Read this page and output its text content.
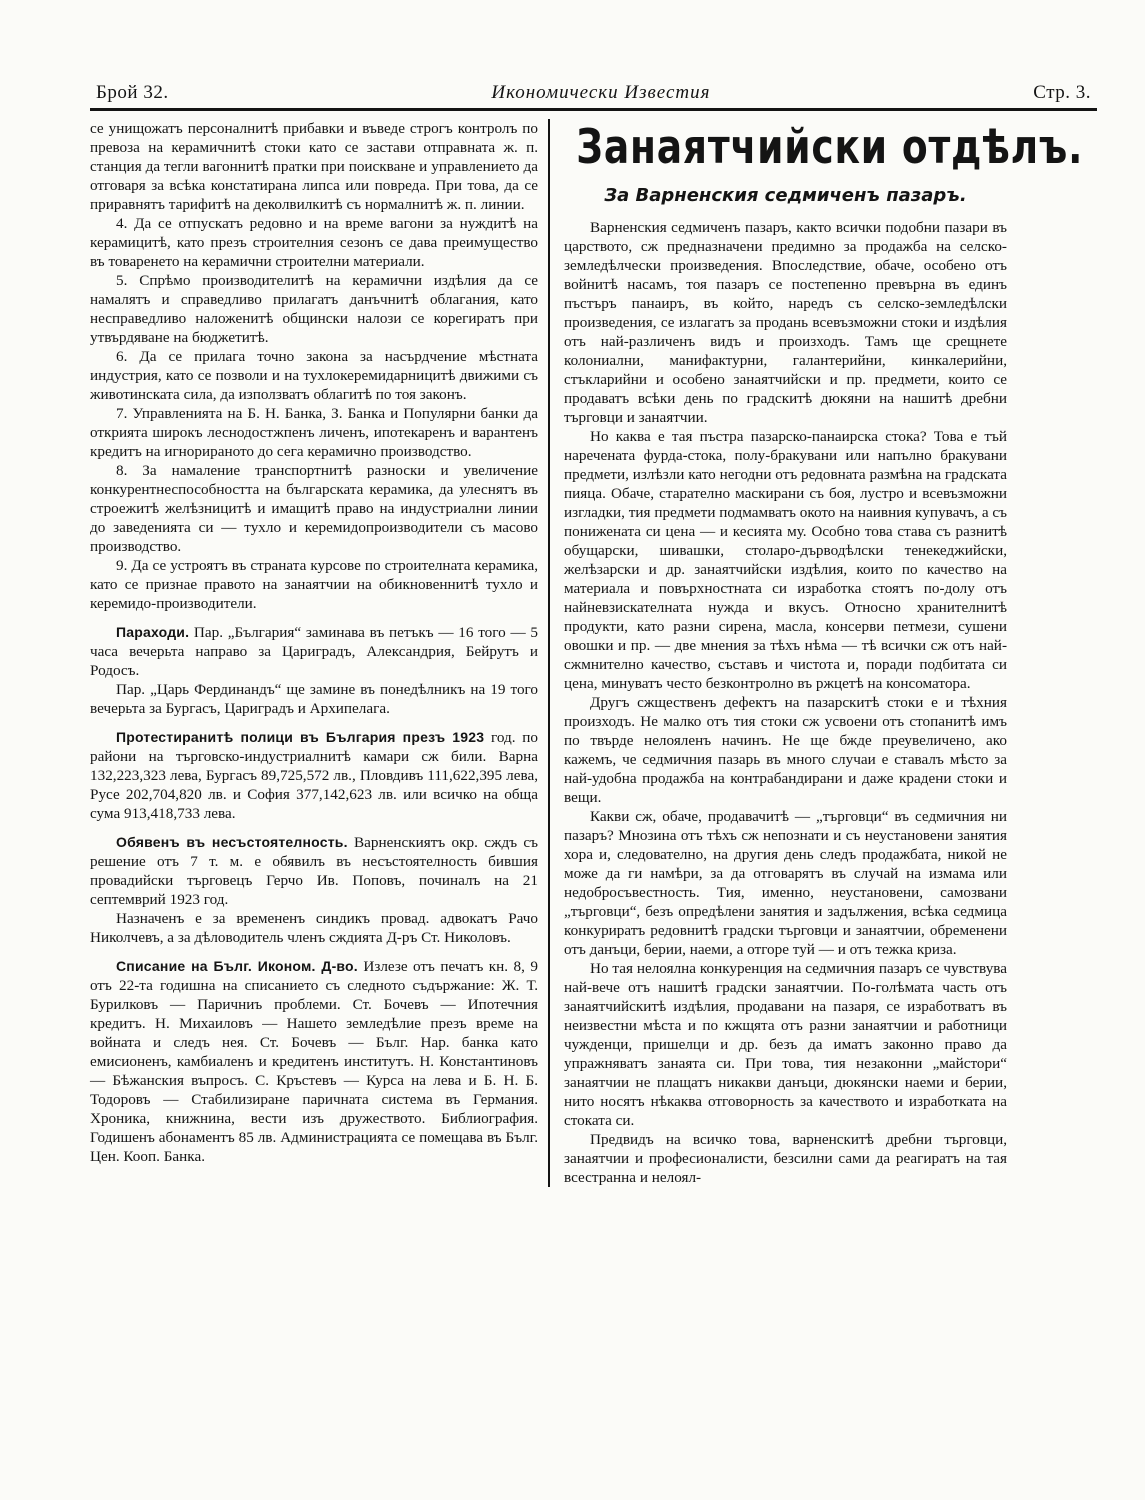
Брой 32.	Икономически Известия	Стр. 3.

се унищожатъ персоналнитѣ прибавки и въведе строгъ контролъ по превоза на керамичнитѣ стоки като се застави отправната ж. п. станция да тегли вагоннитѣ пратки при поискване и управлението да отговаря за всѣка констатирана липса или повреда. При това, да се приравнятъ тарифитѣ на деколвилкитѣ съ нормалнитѣ ж. п. линии.

4. Да се отпускатъ редовно и на време вагони за нуждитѣ на керамицитѣ, като презъ строителния сезонъ се дава преимущество въ товаренето на керамични строителни материали.

5. Спрѣмо производителитѣ на керамични издѣлия да се намалятъ и справедливо прилагатъ данъчнитѣ облагания, като несправедливо наложенитѣ общински налози се корегиратъ при утвърдяване на бюджетитѣ.

6. Да се прилага точно закона за насърдчение мѣстната индустрия, като се позволи и на тухлокеремидарницитѣ движими съ животинската сила, да използватъ облагитѣ по тоя законъ.

7. Управленията на Б. Н. Банка, З. Банка и Популярни банки да открията широкъ леснодостжпенъ личенъ, ипотекаренъ и варантенъ кредитъ на игнорираното до сега керамично производство.

8. За намаление транспортнитѣ разноски и увеличение конкурентнеспособността на българската керамика, да улеснятъ въ строежитѣ желѣзницитѣ и имащитѣ право на индустриални линии до заведенията си — тухло и керемидопроизводители съ масово производство.

9. Да се устроятъ въ страната курсове по строителната керамика, като се признае правото на занаятчии на обикновеннитѣ тухло и керемидо-производители.

Параходи. Пар. „България“ заминава въ петъкъ — 16 того — 5 часа вечерьта направо за Цариградъ, Александрия, Бейрутъ и Родосъ.

Пар. „Царь Фердинандъ“ ще замине въ понедѣлникъ на 19 того вечерьта за Бургасъ, Цариградъ и Архипелага.

Протестиранитѣ полици въ България презъ 1923 год. по райони на търговско-индустриалнитѣ камари сж били. Варна 132,223,323 лева, Бургасъ 89,725,572 лв., Пловдивъ 111,622,395 лева, Русе 202,704,820 лв. и София 377,142,623 лв. или всичко на обща сума 913,418,733 лева.

Обявенъ въ несъстоятелность. Варненскиятъ окр. сждъ съ решение отъ 7 т. м. е обявилъ въ несъстоятелность бившия провадийски търговецъ Герчо Ив. Поповъ, починалъ на 21 септемврий 1923 год.

Назначенъ е за времененъ синдикъ провад. адвокатъ Рачо Николчевъ, а за дѣловодитель членъ сждията Д-ръ Ст. Николовъ.

Списание на Бълг. Иконом. Д-во. Излезе отъ печатъ кн. 8, 9 отъ 22-та годишна на списанието съ следното съдържание: Ж. Т. Бурилковъ — Паричниъ проблеми. Ст. Бочевъ — Ипотечния кредитъ. Н. Михаиловъ — Нашето земледѣлие презъ време на войната и следъ нея. Ст. Бочевъ — Бълг. Нар. банка като емисионенъ, камбиаленъ и кредитенъ институтъ. Н. Константиновъ — Бѣжанския въпросъ. С. Кръстевъ — Курса на лева и Б. Н. Б. Тодоровъ — Стабилизиране паричната система въ Германия. Хроника, книжнина, вести изъ дружеството. Библиография. Годишенъ абонаментъ 85 лв. Администрацията се помещава въ Бълг. Цен. Кооп. Банка.

Занаятчийски отдѣлъ.
За Варненския седмиченъ пазаръ.

Варненския седмиченъ пазаръ, както всички подобни пазари въ царството, сж предназначени предимно за продажба на селско-земледѣлчески произведения. Впоследствие, обаче, особено отъ войнитѣ насамъ, тоя пазаръ се постепенно превърна въ единъ пъстъръ панаиръ, въ който, наредъ съ селско-земледѣлски произведения, се излагатъ за продань всевъзможни стоки и издѣлия отъ най-различенъ видъ и произходъ. Тамъ ще срещнете колониални, манифактурни, галантерийни, кинкалерийни, стъкларийни и особено занаятчийски и пр. предмети, които се продаватъ всѣки день по градскитѣ дюкяни на нашитѣ дребни търговци и занаятчии.

Но каква е тая пъстра пазарско-панаирска стока? Това е тъй наречената фурда-стока, полу-бракувани или напълно бракувани предмети, излѣзли като негодни отъ редовната размѣна на градската пияца. Обаче, старателно маскирани съ боя, лустро и всевъзможни изгладки, тия предмети подмамватъ окото на наивния купувачъ, а съ понижената си цена — и кесията му. Особно това става съ разнитѣ обущарски, шивашки, столаро-дърводѣлски тенекеджийски, желѣзарски и др. занаятчийски издѣлия, които по качество на материала и повърхностната си изработка стоятъ по-долу отъ найневзискателната нужда и вкусъ. Относно хранителнитѣ продукти, като разни сирена, масла, консерви петмези, сушени овошки и пр. — две мнения за тѣхъ нѣма — тѣ всички сж отъ най-сжмнително качество, съставъ и чистота и, поради подбитата си цена, минуватъ често безконтролно въ ржцетѣ на консоматора.

Другъ сжщественъ дефектъ на пазарскитѣ стоки е и тѣхния произходъ. Не малко отъ тия стоки сж усвоени отъ стопанитѣ имъ по твърде нелояленъ начинъ. Не ще бжде преувеличено, ако кажемъ, че седмичния пазарь въ много случаи е ставалъ мѣсто за най-удобна продажба на контрабандирани и даже крадени стоки и вещи.

Какви сж, обаче, продавачитѣ — „търговци“ въ седмичния ни пазаръ? Мнозина отъ тѣхъ сж непознати и съ неустановени занятия хора и, следователно, на другия день следъ продажбата, никой не може да ги намѣри, за да отговарятъ въ случай на измама или недобросъвестность. Тия, именно, неустановени, самозвани „търговци“, безъ опредѣлени занятия и задължения, всѣка седмица конкуриратъ редовнитѣ градски търговци и занаятчии, обременени отъ данъци, берии, наеми, а отгоре туй — и отъ тежка криза.

Но тая нелоялна конкуренция на седмичния пазаръ се чувствува най-вече отъ нашитѣ градски занаятчии. По-голѣмата часть отъ занаятчийскитѣ издѣлия, продавани на пазаря, се изработватъ въ неизвестни мѣста и по кжщята отъ разни занаятчии и работници чужденци, пришелци и др. безъ да иматъ законно право да упражняватъ занаята си. При това, тия незаконни „майстори“ занаятчии не плащатъ никакви данъци, дюкянски наеми и берии, нито носятъ нѣкаква отговорность за качеството и изработката на стоката си.

Предвидъ на всичко това, варненскитѣ дребни търговци, занаятчии и професионалисти, безсилни сами да реагиратъ на тая всестранна и нелоял-
